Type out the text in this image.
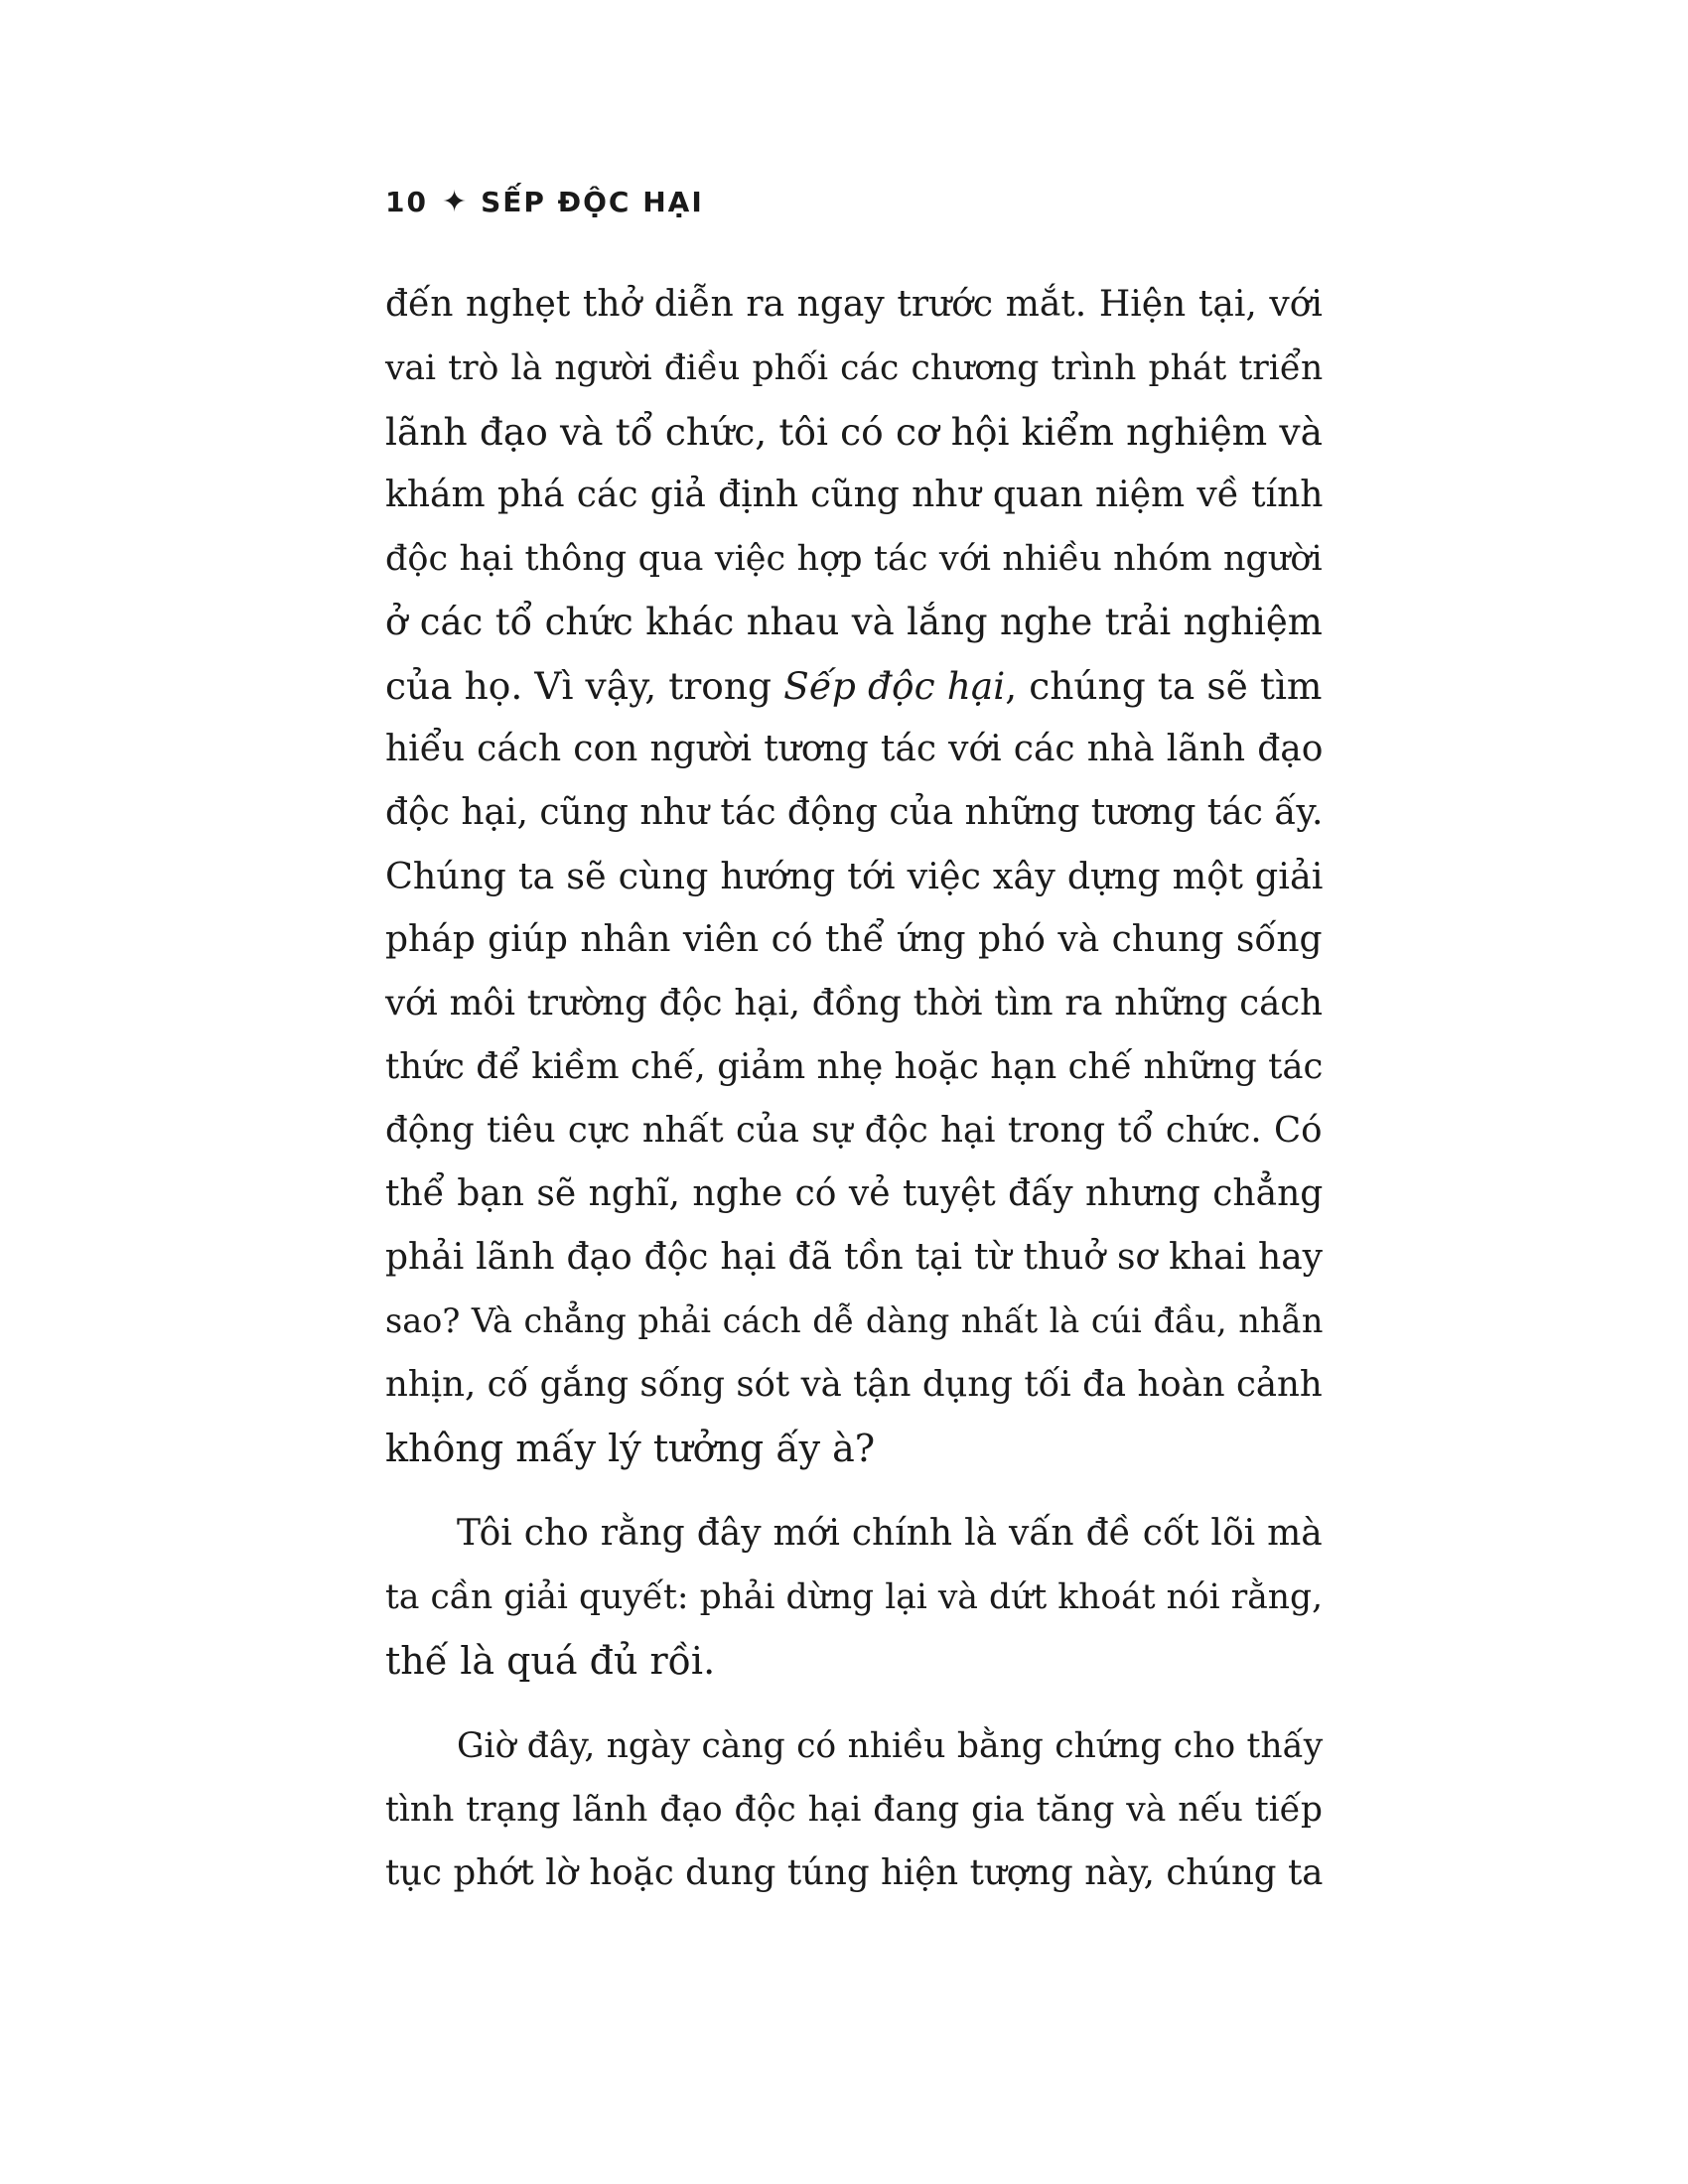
10 ✦ SẾP ĐỘC HẠI
đến nghẹt thở diễn ra ngay trước mắt. Hiện tại, với
vai trò là người điều phối các chương trình phát triển
lãnh đạo và tổ chức, tôi có cơ hội kiểm nghiệm và
khám phá các giả định cũng như quan niệm về tính
độc hại thông qua việc hợp tác với nhiều nhóm người
ở các tổ chức khác nhau và lắng nghe trải nghiệm
của họ. Vì vậy, trong Sếp độc hại, chúng ta sẽ tìm
hiểu cách con người tương tác với các nhà lãnh đạo
độc hại, cũng như tác động của những tương tác ấy.
Chúng ta sẽ cùng hướng tới việc xây dựng một giải
pháp giúp nhân viên có thể ứng phó và chung sống
với môi trường độc hại, đồng thời tìm ra những cách
thức để kiềm chế, giảm nhẹ hoặc hạn chế những tác
động tiêu cực nhất của sự độc hại trong tổ chức. Có
thể bạn sẽ nghĩ, nghe có vẻ tuyệt đấy nhưng chẳng
phải lãnh đạo độc hại đã tồn tại từ thuở sơ khai hay
sao? Và chẳng phải cách dễ dàng nhất là cúi đầu, nhẫn
nhịn, cố gắng sống sót và tận dụng tối đa hoàn cảnh
không mấy lý tưởng ấy à?
Tôi cho rằng đây mới chính là vấn đề cốt lõi mà
ta cần giải quyết: phải dừng lại và dứt khoát nói rằng,
thế là quá đủ rồi.
Giờ đây, ngày càng có nhiều bằng chứng cho thấy
tình trạng lãnh đạo độc hại đang gia tăng và nếu tiếp
tục phớt lờ hoặc dung túng hiện tượng này, chúng ta
